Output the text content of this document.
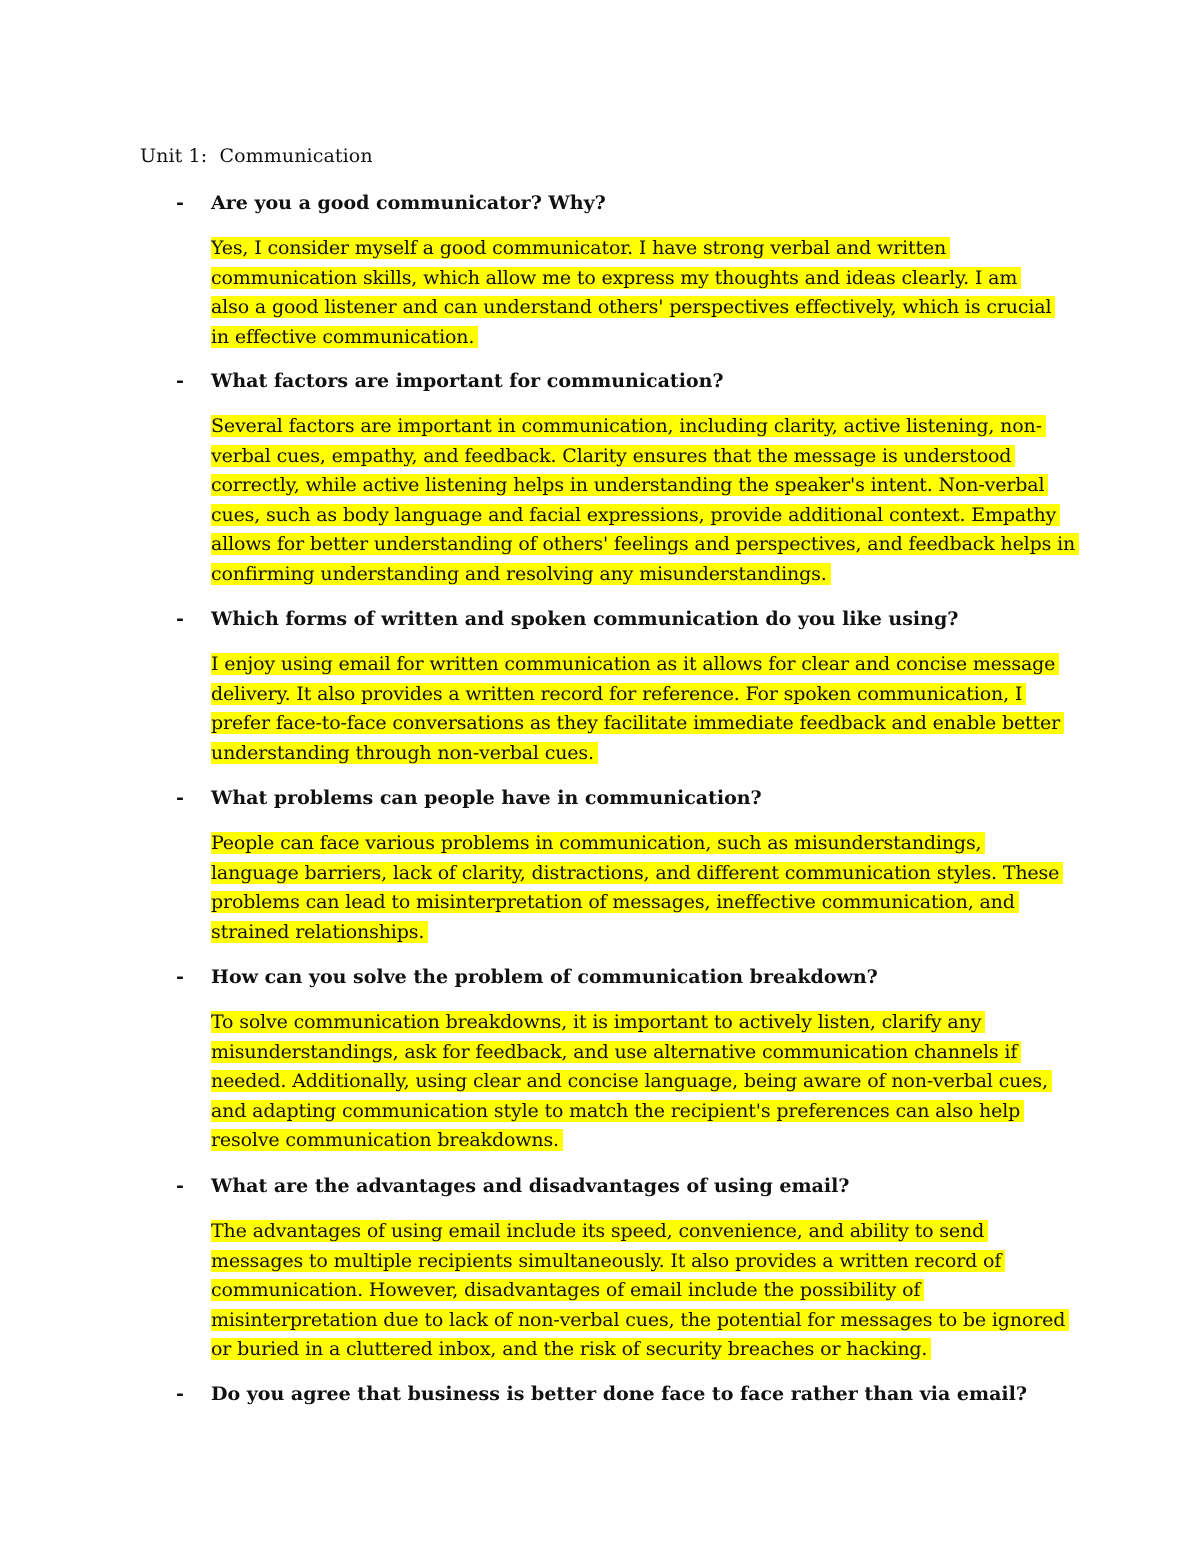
Unit 1:  Communication
- Are you a good communicator? Why?
Yes, I consider myself a good communicator. I have strong verbal and written
communication skills, which allow me to express my thoughts and ideas clearly. I am
also a good listener and can understand others' perspectives effectively, which is crucial
in effective communication.
- What factors are important for communication?
Several factors are important in communication, including clarity, active listening, non-
verbal cues, empathy, and feedback. Clarity ensures that the message is understood
correctly, while active listening helps in understanding the speaker's intent. Non-verbal
cues, such as body language and facial expressions, provide additional context. Empathy
allows for better understanding of others' feelings and perspectives, and feedback helps in
confirming understanding and resolving any misunderstandings.
- Which forms of written and spoken communication do you like using?
I enjoy using email for written communication as it allows for clear and concise message
delivery. It also provides a written record for reference. For spoken communication, I
prefer face-to-face conversations as they facilitate immediate feedback and enable better
understanding through non-verbal cues.
- What problems can people have in communication?
People can face various problems in communication, such as misunderstandings,
language barriers, lack of clarity, distractions, and different communication styles. These
problems can lead to misinterpretation of messages, ineffective communication, and
strained relationships.
- How can you solve the problem of communication breakdown?
To solve communication breakdowns, it is important to actively listen, clarify any
misunderstandings, ask for feedback, and use alternative communication channels if
needed. Additionally, using clear and concise language, being aware of non-verbal cues,
and adapting communication style to match the recipient's preferences can also help
resolve communication breakdowns.
- What are the advantages and disadvantages of using email?
The advantages of using email include its speed, convenience, and ability to send
messages to multiple recipients simultaneously. It also provides a written record of
communication. However, disadvantages of email include the possibility of
misinterpretation due to lack of non-verbal cues, the potential for messages to be ignored
or buried in a cluttered inbox, and the risk of security breaches or hacking.
- Do you agree that business is better done face to face rather than via email?
